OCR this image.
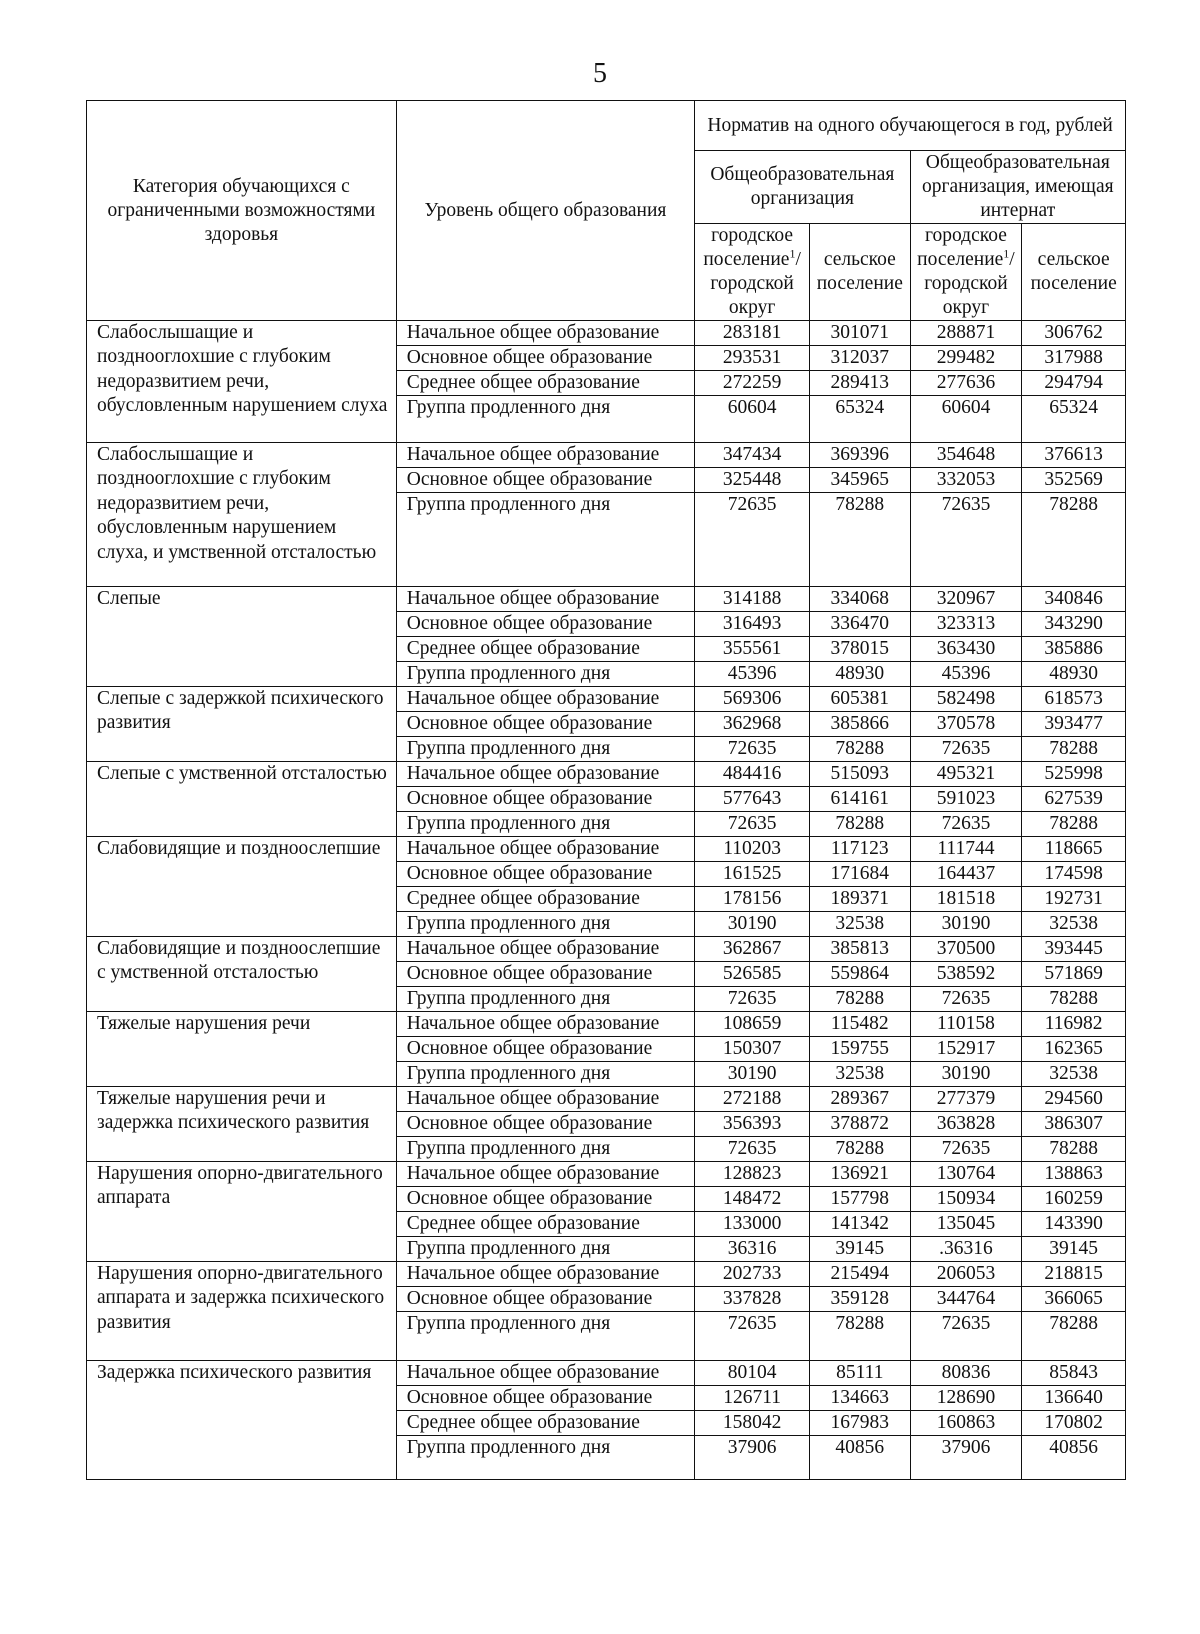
5
Категория обучающихся с ограниченными возможностями здоровья	Уровень общего образования	Норматив на одного обучающегося в год, рублей			
		Общеобразовательная организация		Общеобразовательная организация, имеющая интернат	
		городское поселение$^1$/ городской округ	сельское поселение	городское поселение$^1$/ городской округ	сельское поселение
Слабослышащие и позднооглохшие с глубоким недоразвитием речи, обусловленным нарушением слуха	Начальное общее образование	283181	301071	288871	306762
	Основное общее образование	293531	312037	299482	317988
	Среднее общее образование	272259	289413	277636	294794
	Группа продленного дня	60604	65324	60604	65324
Слабослышащие и позднооглохшие с глубоким недоразвитием речи, обусловленным нарушением слуха, и умственной отсталостью	Начальное общее образование	347434	369396	354648	376613
	Основное общее образование	325448	345965	332053	352569
	Группа продленного дня	72635	78288	72635	78288
Слепые	Начальное общее образование	314188	334068	320967	340846
	Основное общее образование	316493	336470	323313	343290
	Среднее общее образование	355561	378015	363430	385886
	Группа продленного дня	45396	48930	45396	48930
Слепые с задержкой психического развития	Начальное общее образование	569306	605381	582498	618573
	Основное общее образование	362968	385866	370578	393477
	Группа продленного дня	72635	78288	72635	78288
Слепые с умственной отсталостью	Начальное общее образование	484416	515093	495321	525998
	Основное общее образование	577643	614161	591023	627539
	Группа продленного дня	72635	78288	72635	78288
Слабовидящие и поздноослепшие	Начальное общее образование	110203	117123	111744	118665
	Основное общее образование	161525	171684	164437	174598
	Среднее общее образование	178156	189371	181518	192731
	Группа продленного дня	30190	32538	30190	32538
Слабовидящие и поздноослепшие с умственной отсталостью	Начальное общее образование	362867	385813	370500	393445
	Основное общее образование	526585	559864	538592	571869
	Группа продленного дня	72635	78288	72635	78288
Тяжелые нарушения речи	Начальное общее образование	108659	115482	110158	116982
	Основное общее образование	150307	159755	152917	162365
	Группа продленного дня	30190	32538	30190	32538
Тяжелые нарушения речи и задержка психического развития	Начальное общее образование	272188	289367	277379	294560
	Основное общее образование	356393	378872	363828	386307
	Группа продленного дня	72635	78288	72635	78288
Нарушения опорно-двигательного аппарата	Начальное общее образование	128823	136921	130764	138863
	Основное общее образование	148472	157798	150934	160259
	Среднее общее образование	133000	141342	135045	143390
	Группа продленного дня	36316	39145	.36316	39145
Нарушения опорно-двигательного аппарата и задержка психического развития	Начальное общее образование	202733	215494	206053	218815
	Основное общее образование	337828	359128	344764	366065
	Группа продленного дня	72635	78288	72635	78288
Задержка психического развития	Начальное общее образование	80104	85111	80836	85843
	Основное общее образование	126711	134663	128690	136640
	Среднее общее образование	158042	167983	160863	170802
	Группа продленного дня	37906	40856	37906	40856
